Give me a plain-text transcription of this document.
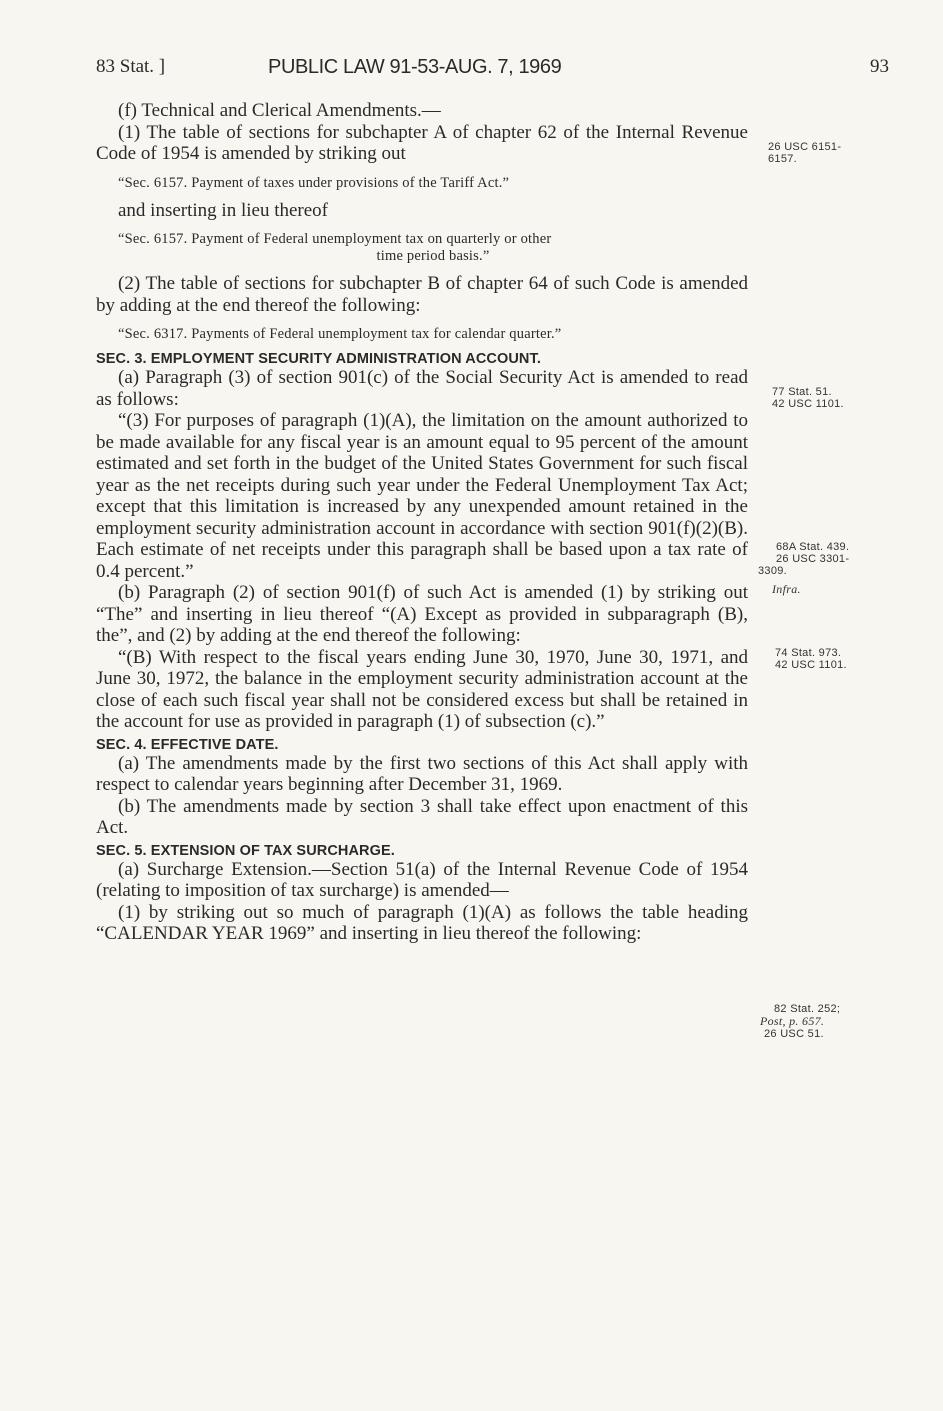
83 Stat. ]	PUBLIC LAW 91-53-AUG. 7, 1969	93

(f) Technical and Clerical Amendments.—

(1) The table of sections for subchapter A of chapter 62 of the Internal Revenue Code of 1954 is amended by striking out

“Sec. 6157. Payment of taxes under provisions of the Tariff Act.”

and inserting in lieu thereof

“Sec. 6157. Payment of Federal unemployment tax on quarterly or other

time period basis.”

(2) The table of sections for subchapter B of chapter 64 of such Code is amended by adding at the end thereof the following:

“Sec. 6317. Payments of Federal unemployment tax for calendar quarter.”

SEC. 3. EMPLOYMENT SECURITY ADMINISTRATION ACCOUNT.

(a) Paragraph (3) of section 901(c) of the Social Security Act is amended to read as follows:

“(3) For purposes of paragraph (1)(A), the limitation on the amount authorized to be made available for any fiscal year is an amount equal to 95 percent of the amount estimated and set forth in the budget of the United States Government for such fiscal year as the net receipts during such year under the Federal Unemployment Tax Act; except that this limitation is increased by any unexpended amount retained in the employment security administration account in accordance with section 901(f)(2)(B). Each estimate of net receipts under this paragraph shall be based upon a tax rate of 0.4 percent.”

(b) Paragraph (2) of section 901(f) of such Act is amended (1) by striking out “The” and inserting in lieu thereof “(A) Except as provided in subparagraph (B), the”, and (2) by adding at the end thereof the following:

“(B) With respect to the fiscal years ending June 30, 1970, June 30, 1971, and June 30, 1972, the balance in the employment security administration account at the close of each such fiscal year shall not be considered excess but shall be retained in the account for use as provided in paragraph (1) of subsection (c).”

SEC. 4. EFFECTIVE DATE.

(a) The amendments made by the first two sections of this Act shall apply with respect to calendar years beginning after December 31, 1969.

(b) The amendments made by section 3 shall take effect upon enactment of this Act.

SEC. 5. EXTENSION OF TAX SURCHARGE.

(a) Surcharge Extension.—Section 51(a) of the Internal Revenue Code of 1954 (relating to imposition of tax surcharge) is amended—

(1) by striking out so much of paragraph (1)(A) as follows the table heading “CALENDAR YEAR 1969” and inserting in lieu thereof the following:

26 USC 6151-
6157.
77 Stat. 51.
42 USC 1101.
68A Stat. 439.
26 USC 3301-
3309.
Infra.
74 Stat. 973.
42 USC 1101.
82 Stat. 252;
Post, p. 657.
26 USC 51.
